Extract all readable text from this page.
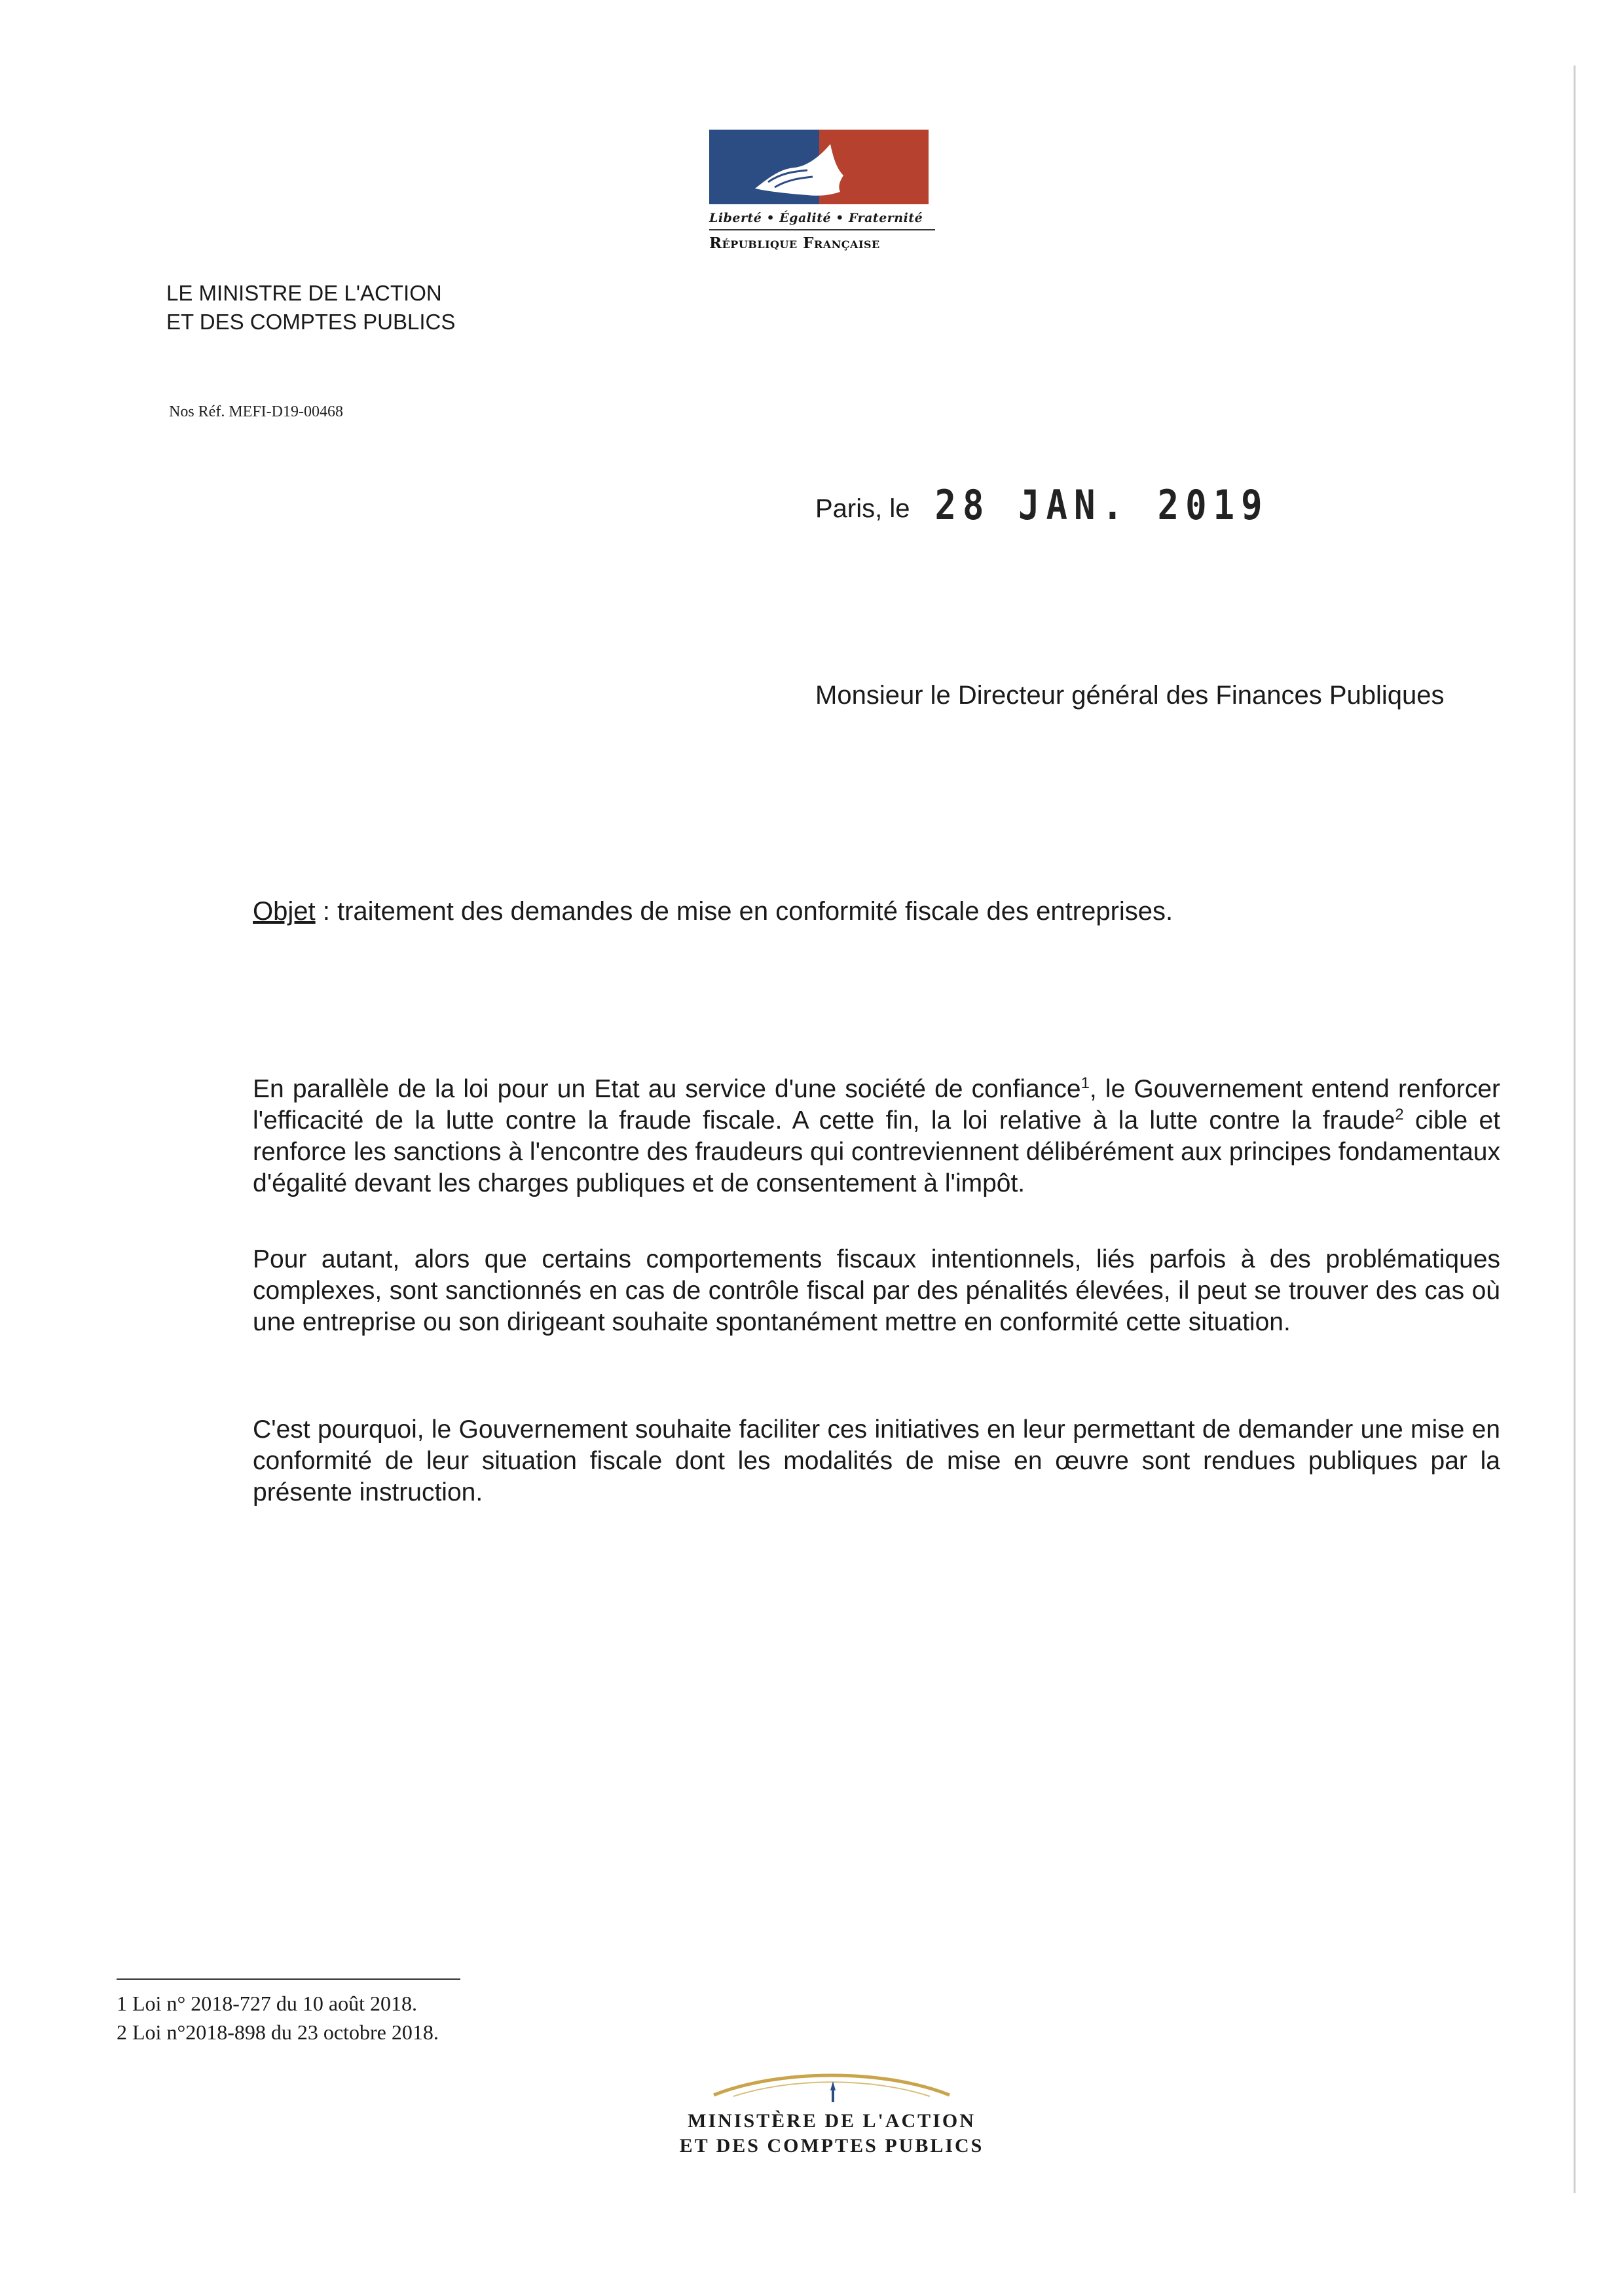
Liberté • Égalité • Fraternité
République Française
LE MINISTRE DE L'ACTION
ET DES COMPTES PUBLICS
Nos Réf. MEFI-D19-00468
Paris, le 28 JAN. 2019
Monsieur le Directeur général des Finances Publiques
Objet : traitement des demandes de mise en conformité fiscale des entreprises.

En parallèle de la loi pour un Etat au service d'une société de confiance$^1$, le Gouvernement entend renforcer l'efficacité de la lutte contre la fraude fiscale. A cette fin, la loi relative à la lutte contre la fraude$^2$ cible et renforce les sanctions à l'encontre des fraudeurs qui contreviennent délibérément aux principes fondamentaux d'égalité devant les charges publiques et de consentement à l'impôt.

Pour autant, alors que certains comportements fiscaux intentionnels, liés parfois à des problématiques complexes, sont sanctionnés en cas de contrôle fiscal par des pénalités élevées, il peut se trouver des cas où une entreprise ou son dirigeant souhaite spontanément mettre en conformité cette situation.

C'est pourquoi, le Gouvernement souhaite faciliter ces initiatives en leur permettant de demander une mise en conformité de leur situation fiscale dont les modalités de mise en œuvre sont rendues publiques par la présente instruction.

1 Loi n° 2018-727 du 10 août 2018.
2 Loi n°2018-898 du 23 octobre 2018.
MINISTÈRE DE L'ACTION
ET DES COMPTES PUBLICS
